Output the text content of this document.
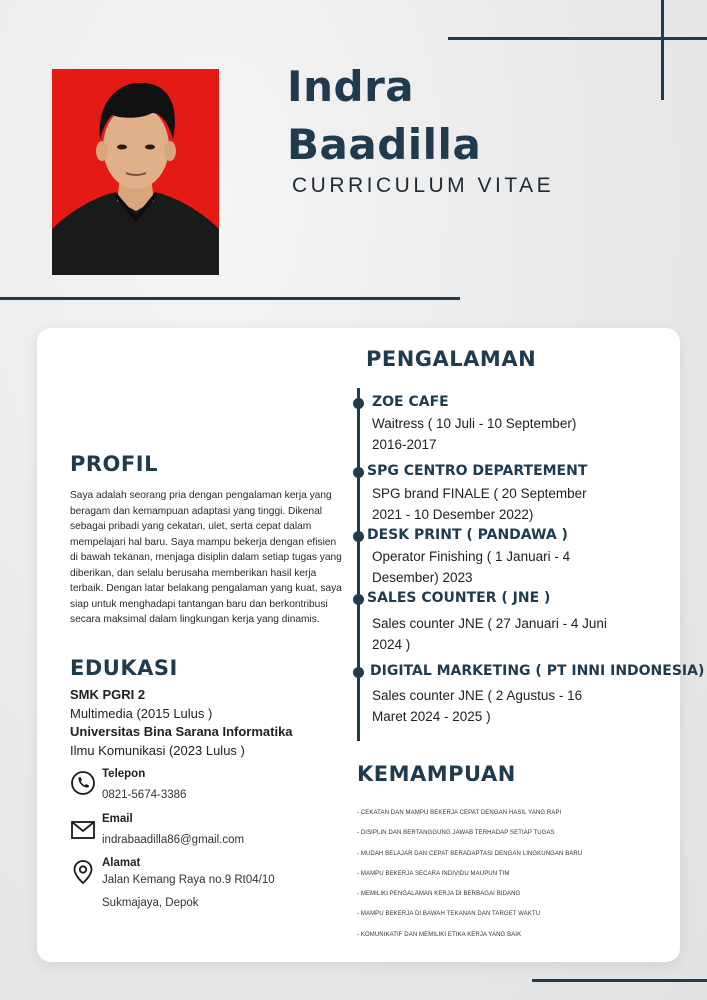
Indra
Baadilla
CURRICULUM VITAE
PROFIL
Saya adalah seorang pria dengan pengalaman kerja yang beragam dan kemampuan adaptasi yang tinggi. Dikenal sebagai pribadi yang cekatan, ulet, serta cepat dalam mempelajari hal baru. Saya mampu bekerja dengan efisien di bawah tekanan, menjaga disiplin dalam setiap tugas yang diberikan, dan selalu berusaha memberikan hasil kerja terbaik. Dengan latar belakang pengalaman yang kuat, saya siap untuk menghadapi tantangan baru dan berkontribusi secara maksimal dalam lingkungan kerja yang dinamis.
EDUKASI
SMK PGRI 2
Multimedia (2015 Lulus )
Universitas Bina Sarana Informatika
Ilmu Komunikasi (2023 Lulus )
Telepon
0821-5674-3386
Email
indrabaadilla86@gmail.com
Alamat
Jalan Kemang Raya no.9 Rt04/10
Sukmajaya, Depok
PENGALAMAN
ZOE CAFE
Waitress ( 10 Juli - 10 September)
2016-2017
SPG CENTRO DEPARTEMENT
SPG brand FINALE ( 20 September
2021 - 10 Desember 2022)
DESK PRINT ( PANDAWA )
Operator Finishing ( 1 Januari - 4
Desember) 2023
SALES COUNTER ( JNE )
Sales counter JNE ( 27 Januari - 4 Juni
2024 )
DIGITAL MARKETING ( PT INNI INDONESIA)
Sales counter JNE ( 2 Agustus - 16
Maret 2024 - 2025 )
KEMAMPUAN
- CEKATAN DAN MAMPU BEKERJA CEPAT DENGAN HASIL YANG RAPI
- DISIPLIN DAN BERTANGGUNG JAWAB TERHADAP SETIAP TUGAS
- MUDAH BELAJAR DAN CEPAT BERADAPTASI DENGAN LINGKUNGAN BARU
- MAMPU BEKERJA SECARA INDIVIDU MAUPUN TIM
- MEMILIKI PENGALAMAN KERJA DI BERBAGAI BIDANG
- MAMPU BEKERJA DI BAWAH TEKANAN DAN TARGET WAKTU
- KOMUNIKATIF DAN MEMILIKI ETIKA KERJA YANG BAIK
